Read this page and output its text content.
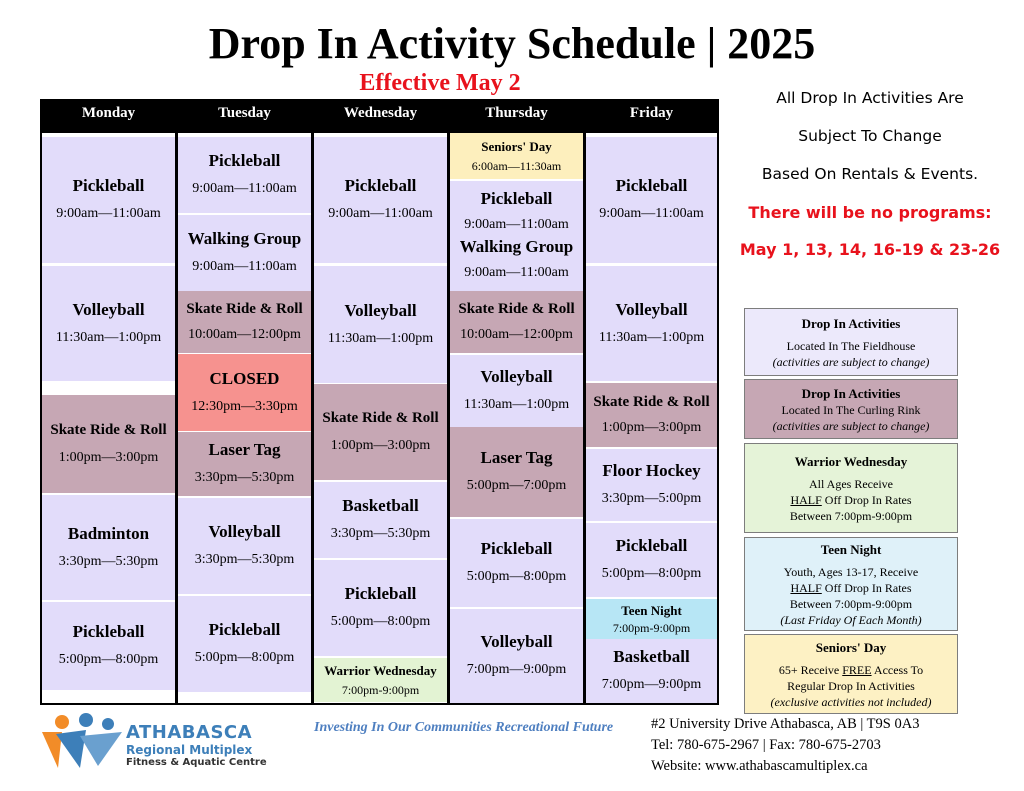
Drop In Activity Schedule | 2025
Effective May 2
Monday
Pickleball
9:00am—11:00am
Volleyball
11:30am—1:00pm
Skate Ride & Roll
1:00pm—3:00pm
Badminton
3:30pm—5:30pm
Pickleball
5:00pm—8:00pm
Tuesday
Pickleball
9:00am—11:00am
Walking Group
9:00am—11:00am
Skate Ride & Roll
10:00am—12:00pm
CLOSED
12:30pm—3:30pm
Laser Tag
3:30pm—5:30pm
Volleyball
3:30pm—5:30pm
Pickleball
5:00pm—8:00pm
Wednesday
Pickleball
9:00am—11:00am
Volleyball
11:30am—1:00pm
Skate Ride & Roll
1:00pm—3:00pm
Basketball
3:30pm—5:30pm
Pickleball
5:00pm—8:00pm
Warrior Wednesday
7:00pm-9:00pm
Thursday
Seniors' Day
6:00am—11:30am
Pickleball
9:00am—11:00am
Walking Group
9:00am—11:00am
Skate Ride & Roll
10:00am—12:00pm
Volleyball
11:30am—1:00pm
Laser Tag
5:00pm—7:00pm
Pickleball
5:00pm—8:00pm
Volleyball
7:00pm—9:00pm
Friday
Pickleball
9:00am—11:00am
Volleyball
11:30am—1:00pm
Skate Ride & Roll
1:00pm—3:00pm
Floor Hockey
3:30pm—5:00pm
Pickleball
5:00pm—8:00pm
Teen Night
7:00pm-9:00pm
Basketball
7:00pm—9:00pm
All Drop In Activities Are
Subject To Change
Based On Rentals & Events.
There will be no programs:
May 1, 13, 14, 16-19 & 23-26
Drop In Activities
Located In The Fieldhouse
(activities are subject to change)
Drop In Activities
Located In The Curling Rink
(activities are subject to change)
Warrior Wednesday
All Ages Receive
HALF Off Drop In Rates
Between 7:00pm-9:00pm
Teen Night
Youth, Ages 13-17, Receive
HALF Off Drop In Rates
Between 7:00pm-9:00pm
(Last Friday Of Each Month)
Seniors' Day
65+ Receive FREE Access To
Regular Drop In Activities
(exclusive activities not included)
ATHABASCA
Regional Multiplex
Fitness & Aquatic Centre
Investing In Our Communities Recreational Future	#2 University Drive Athabasca, AB | T9S 0A3
Tel: 780-675-2967 | Fax: 780-675-2703
Website: www.athabascamultiplex.ca
